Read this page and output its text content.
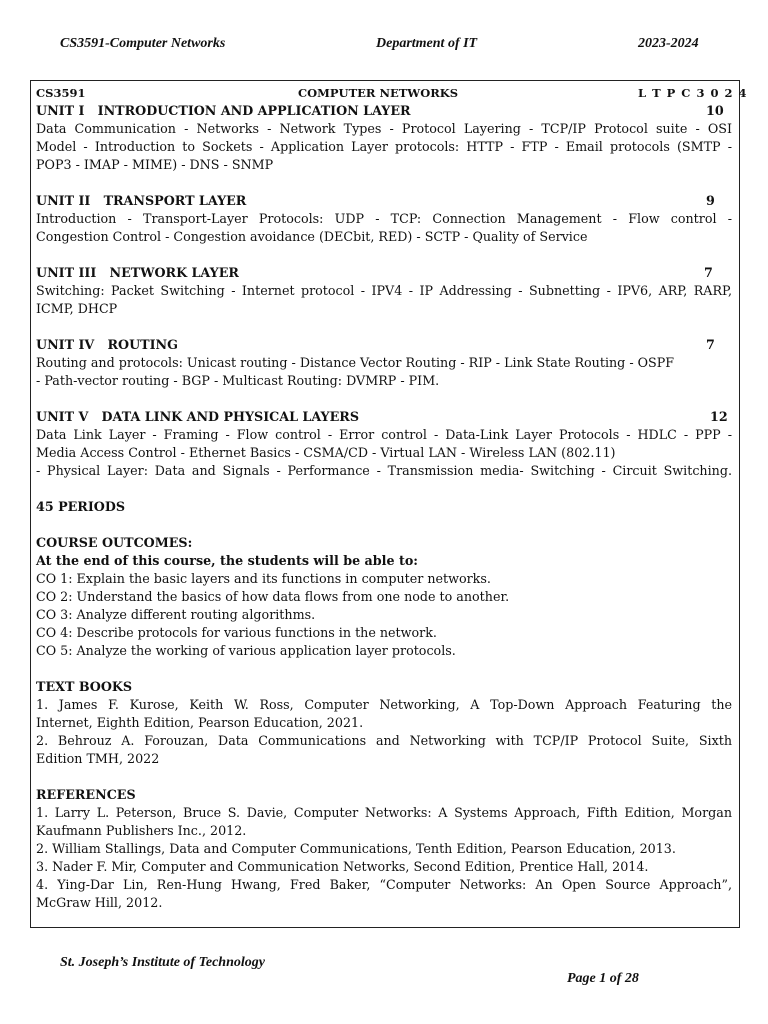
CS3591-Computer Networks	Department of IT	2023-2024
CS3591	COMPUTER NETWORKS	L T P C 3 0 2 4
UNIT I   INTRODUCTION AND APPLICATION LAYER	10
Data Communication - Networks - Network Types - Protocol Layering - TCP/IP Protocol suite - OSI
Model - Introduction to Sockets - Application Layer protocols: HTTP - FTP - Email protocols (SMTP -
POP3 - IMAP - MIME) - DNS - SNMP
UNIT II   TRANSPORT LAYER	9
Introduction - Transport-Layer Protocols: UDP - TCP: Connection Management - Flow control -
Congestion Control - Congestion avoidance (DECbit, RED) - SCTP - Quality of Service
UNIT III   NETWORK LAYER	7
Switching: Packet Switching - Internet protocol - IPV4 - IP Addressing - Subnetting - IPV6, ARP, RARP,
ICMP, DHCP
UNIT IV   ROUTING	7
Routing and protocols: Unicast routing - Distance Vector Routing - RIP - Link State Routing - OSPF
- Path-vector routing - BGP - Multicast Routing: DVMRP - PIM.
UNIT V   DATA LINK AND PHYSICAL LAYERS	12
Data Link Layer - Framing - Flow control - Error control - Data-Link Layer Protocols - HDLC - PPP -
Media Access Control - Ethernet Basics - CSMA/CD - Virtual LAN - Wireless LAN (802.11)
- Physical Layer: Data and Signals - Performance - Transmission media- Switching - Circuit Switching.
45 PERIODS
COURSE OUTCOMES:
At the end of this course, the students will be able to:
CO 1: Explain the basic layers and its functions in computer networks.
CO 2: Understand the basics of how data flows from one node to another.
CO 3: Analyze different routing algorithms.
CO 4: Describe protocols for various functions in the network.
CO 5: Analyze the working of various application layer protocols.
TEXT BOOKS
1. James F. Kurose, Keith W. Ross, Computer Networking, A Top-Down Approach Featuring the
Internet, Eighth Edition, Pearson Education, 2021.
2. Behrouz A. Forouzan, Data Communications and Networking with TCP/IP Protocol Suite, Sixth
Edition TMH, 2022
REFERENCES
1. Larry L. Peterson, Bruce S. Davie, Computer Networks: A Systems Approach, Fifth Edition, Morgan
Kaufmann Publishers Inc., 2012.
2. William Stallings, Data and Computer Communications, Tenth Edition, Pearson Education, 2013.
3. Nader F. Mir, Computer and Communication Networks, Second Edition, Prentice Hall, 2014.
4. Ying-Dar Lin, Ren-Hung Hwang, Fred Baker, “Computer Networks: An Open Source Approach”,
McGraw Hill, 2012.
St. Joseph’s Institute of Technology
Page 1 of 28
